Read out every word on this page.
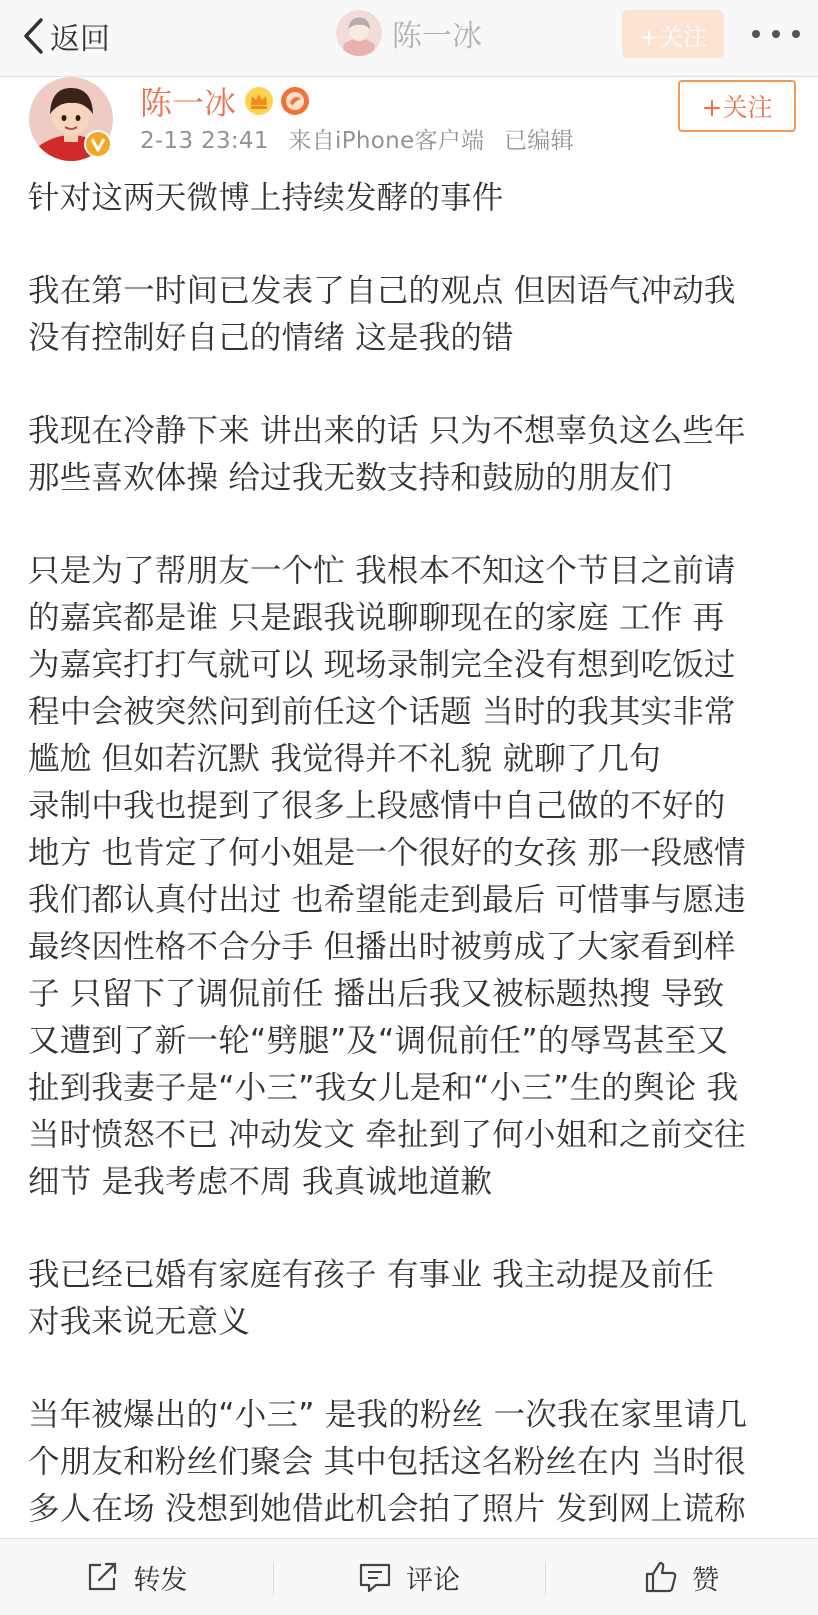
返回	陈一冰	+关注
陈一冰
2-13 23:41 来自iPhone客户端 已编辑
+关注

针对这两天微博上持续发酵的事件

我在第一时间已发表了自己的观点 但因语气冲动我
没有控制好自己的情绪 这是我的错

我现在冷静下来 讲出来的话 只为不想辜负这么些年
那些喜欢体操 给过我无数支持和鼓励的朋友们

只是为了帮朋友一个忙 我根本不知这个节目之前请
的嘉宾都是谁 只是跟我说聊聊现在的家庭 工作 再
为嘉宾打打气就可以 现场录制完全没有想到吃饭过
程中会被突然问到前任这个话题 当时的我其实非常
尴尬 但如若沉默 我觉得并不礼貌 就聊了几句
录制中我也提到了很多上段感情中自己做的不好的
地方 也肯定了何小姐是一个很好的女孩 那一段感情
我们都认真付出过 也希望能走到最后 可惜事与愿违
最终因性格不合分手 但播出时被剪成了大家看到样
子 只留下了调侃前任 播出后我又被标题热搜 导致
又遭到了新一轮“劈腿”及“调侃前任”的辱骂甚至又
扯到我妻子是“小三”我女儿是和“小三”生的舆论 我
当时愤怒不已 冲动发文 牵扯到了何小姐和之前交往
细节 是我考虑不周 我真诚地道歉

我已经已婚有家庭有孩子 有事业 我主动提及前任
对我来说无意义

当年被爆出的“小三” 是我的粉丝 一次我在家里请几
个朋友和粉丝们聚会 其中包括这名粉丝在内 当时很
多人在场 没想到她借此机会拍了照片 发到网上谎称

转发	评论	赞
